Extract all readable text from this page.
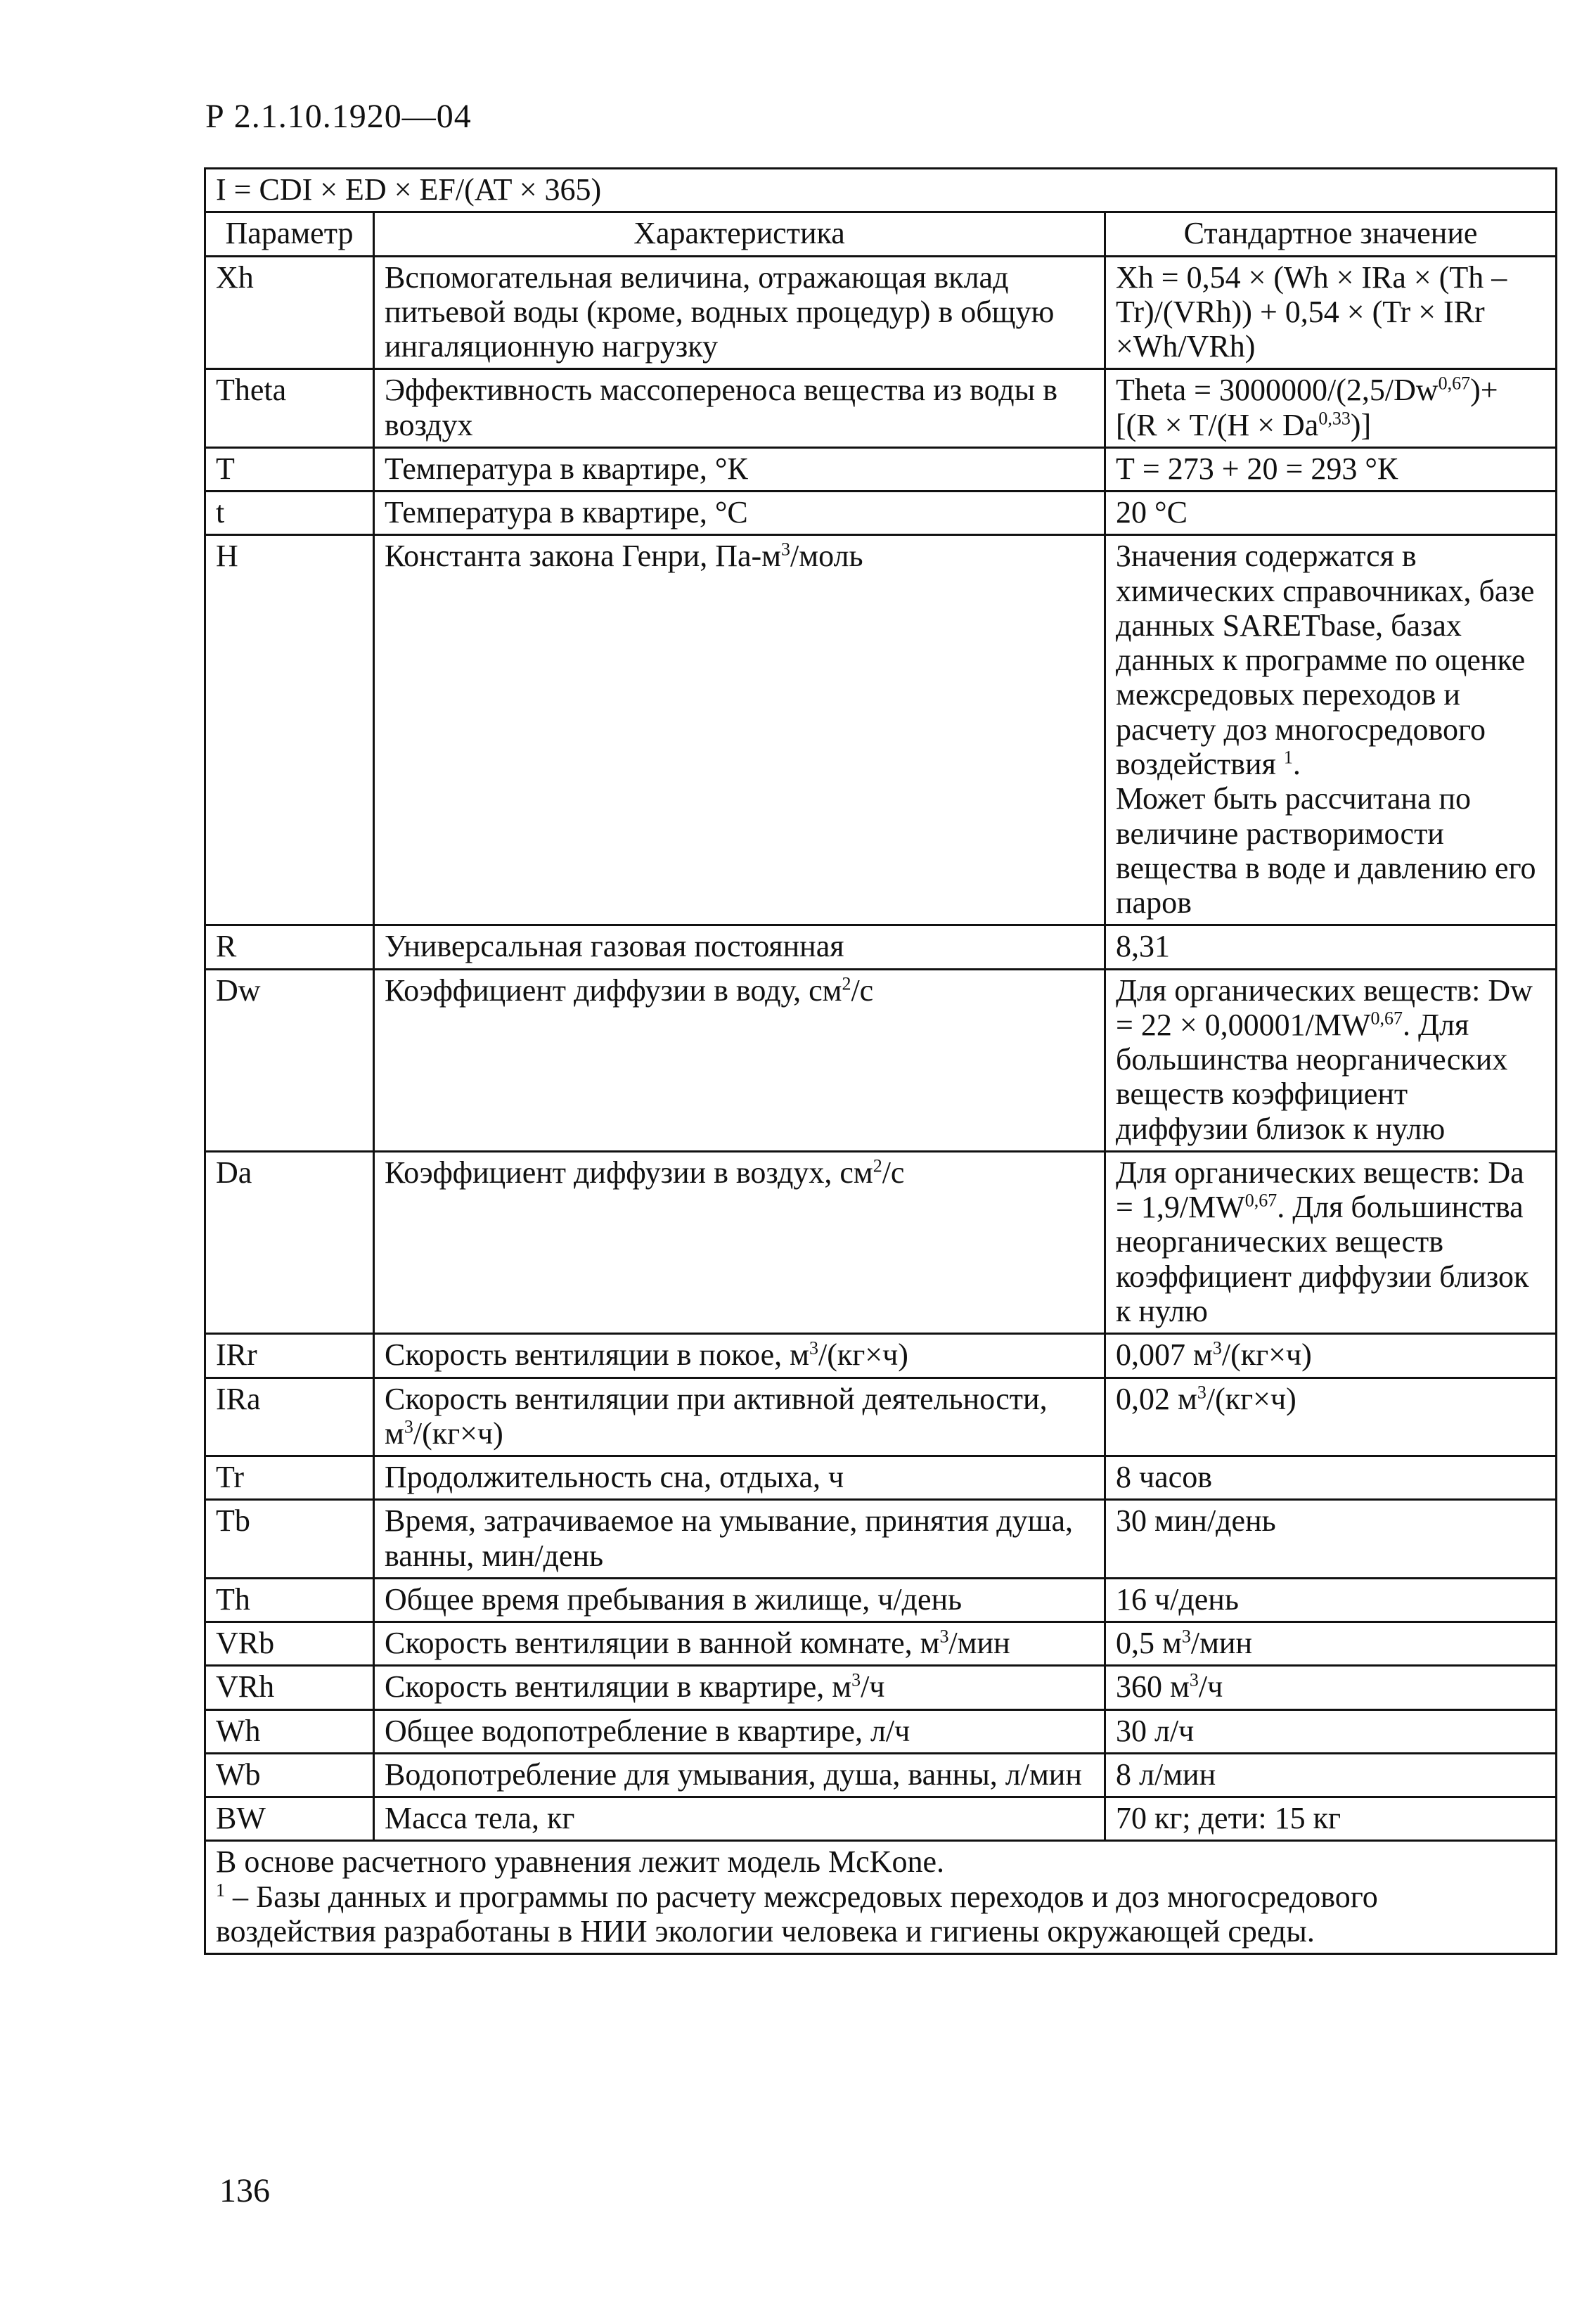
Р 2.1.10.1920—04
I = CDI × ED × EF/(AT × 365)		
Параметр	Характеристика	Стандартное значение
Xh	Вспомогательная величина, отражающая вклад питьевой воды (кроме, водных процедур) в общую ингаляционную нагрузку	Xh = 0,54 × (Wh × IRa × (Th – Tr)/(VRh)) + 0,54 × (Tr × IRr ×Wh/VRh)
Theta	Эффективность массопереноса вещества из воды в воздух	Theta = 3000000/(2,5/Dw$^{0,67}$)+ [(R × T/(H × Da$^{0,33}$)]
T	Температура в квартире, °К	Т = 273 + 20 = 293 °К
t	Температура в квартире, °С	20 °С
H	Константа закона Генри, $Па-м^3$/моль	Значения содержатся в химических справочниках, базе данных SARETbase, базах данных к программе по оценке межсредовых переходов и расчету доз многосредового воздействия $^1$.
Может быть рассчитана по величине растворимости вещества в воде и давлению его паров
R	Универсальная газовая постоянная	8,31
Dw	Коэффициент диффузии в воду, $см^2/с$	Для органических веществ: Dw = 22 × 0,00001/MW$^{0,67}$. Для большинства неорганических веществ коэффициент диффузии близок к нулю
Da	Коэффициент диффузии в воздух, $см^2/с$	Для органических веществ: Da = 1,9/MW$^{0,67}$. Для большинства неорганических веществ коэффициент диффузии близок к нулю
IRr	Скорость вентиляции в покое, $м^3/(кг\times ч)$	0,007 $м^3/(кг\times ч)$
IRa	Скорость вентиляции при активной деятельности, $м^3/(кг\times ч)$	0,02 $м^3/(кг\times ч)$
Tr	Продолжительность сна, отдыха, ч	8 часов
Tb	Время, затрачиваемое на умывание, принятия душа, ванны, мин/день	30 мин/день
Th	Общее время пребывания в жилище, ч/день	16 ч/день
VRb	Скорость вентиляции в ванной комнате, $м^3$/мин	0,5 $м^3$/мин
VRh	Скорость вентиляции в квартире, $м^3/ч$	360 $м^3/ч$
Wh	Общее водопотребление в квартире, л/ч	30 л/ч
Wb	Водопотребление для умывания, душа, ванны, л/мин	8 л/мин
BW	Масса тела, кг	70 кг; дети: 15 кг

В основе расчетного уравнения лежит модель McKone.
$^1$ – Базы данных и программы по расчету межсредовых переходов и доз многосредового воздействия разработаны в НИИ экологии человека и гигиены окружающей среды.		
136
